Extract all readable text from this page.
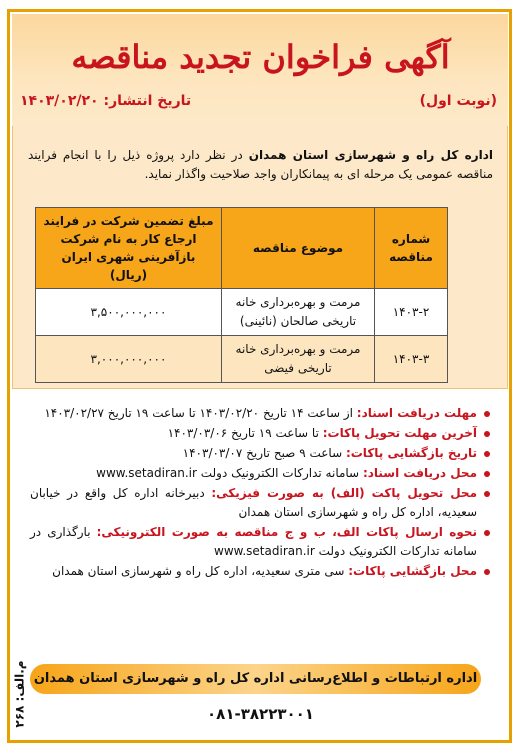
آگهی فراخوان تجدید مناقصه
(نوبت اول)
تاریخ انتشار: ۱۴۰۳/۰۲/۲۰
اداره کل راه و شهرسازی استان همدان در نظر دارد پروژه ذیل را با انجام فرایند مناقصه عمومی یک مرحله ای به پیمانکاران واجد صلاحیت واگذار نماید.
شماره مناقصه	موضوع مناقصه	مبلغ تضمین شرکت در فرایند ارجاع کار به نام شرکت بازآفرینی شهری ایران (ریال)
۱۴۰۳-۲	مرمت و بهره‌برداری خانه تاریخی صالحان (نائینی)	۳,۵۰۰,۰۰۰,۰۰۰
۱۴۰۳-۳	مرمت و بهره‌برداری خانه تاریخی فیضی	۳,۰۰۰,۰۰۰,۰۰۰
مهلت دریافت اسناد: از ساعت ۱۴ تاریخ ۱۴۰۳/۰۲/۲۰ تا ساعت ۱۹ تاریخ ۱۴۰۳/۰۲/۲۷
آخرین مهلت تحویل پاکات: تا ساعت ۱۹ تاریخ ۱۴۰۳/۰۳/۰۶
تاریخ بازگشایی پاکات: ساعت ۹ صبح تاریخ ۱۴۰۳/۰۳/۰۷
محل دریافت اسناد: سامانه تدارکات الکترونیک دولت www.setadiran.ir
محل تحویل پاکت (الف) به صورت فیزیکی: دبیرخانه اداره کل واقع در خیابان سعیدیه، اداره کل راه و شهرسازی استان همدان
نحوه ارسال پاکات الف، ب و ج مناقصه به صورت الکترونیکی: بارگذاری در سامانه تدارکات الکترونیک دولت www.setadiran.ir
محل بازگشایی پاکات: سی متری سعیدیه، اداره کل راه و شهرسازی استان همدان
اداره ارتباطات و اطلاع‌رسانی اداره کل راه و شهرسازی استان همدان
۰۸۱-۳۸۲۲۳۰۰۱
م.الف: ۲۶۸
